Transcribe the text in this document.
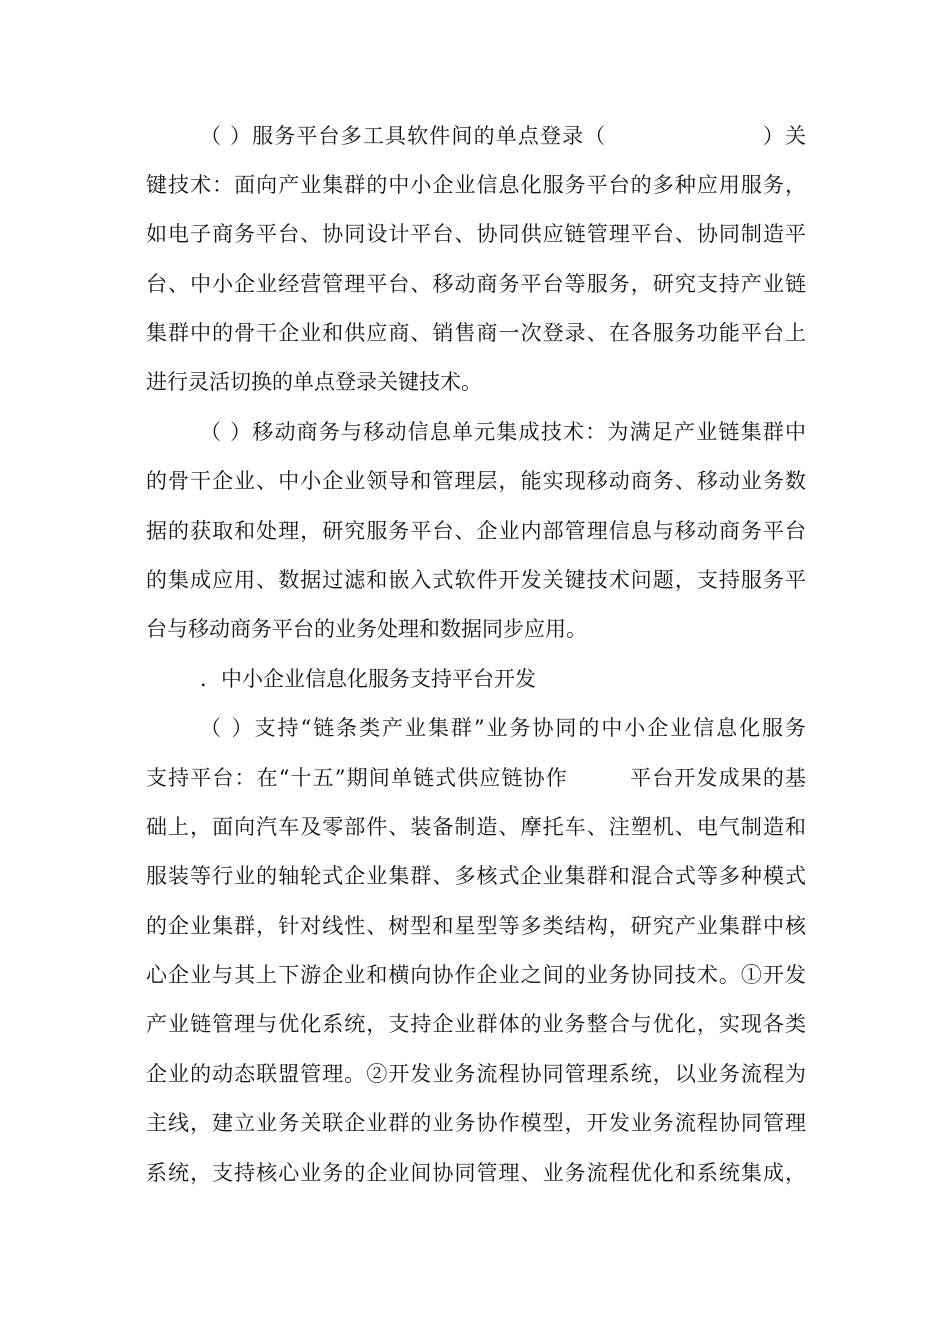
（ ）服务平台多工具软件间的单点登录（                    ）关
键技术：面向产业集群的中小企业信息化服务平台的多种应用服务，
如电子商务平台、协同设计平台、协同供应链管理平台、协同制造平
台、中小企业经营管理平台、移动商务平台等服务，研究支持产业链
集群中的骨干企业和供应商、销售商一次登录、在各服务功能平台上
进行灵活切换的单点登录关键技术。
（ ）移动商务与移动信息单元集成技术：为满足产业链集群中
的骨干企业、中小企业领导和管理层，能实现移动商务、移动业务数
据的获取和处理，研究服务平台、企业内部管理信息与移动商务平台
的集成应用、数据过滤和嵌入式软件开发关键技术问题，支持服务平
台与移动商务平台的业务处理和数据同步应用。
．中小企业信息化服务支持平台开发
（ ）支持“链条类产业集群”业务协同的中小企业信息化服务
支持平台：在“十五”期间单链式供应链协作        平台开发成果的基
础上，面向汽车及零部件、装备制造、摩托车、注塑机、电气制造和
服装等行业的轴轮式企业集群、多核式企业集群和混合式等多种模式
的企业集群，针对线性、树型和星型等多类结构，研究产业集群中核
心企业与其上下游企业和横向协作企业之间的业务协同技术。①开发
产业链管理与优化系统，支持企业群体的业务整合与优化，实现各类
企业的动态联盟管理。②开发业务流程协同管理系统，以业务流程为
主线，建立业务关联企业群的业务协作模型，开发业务流程协同管理
系统，支持核心业务的企业间协同管理、业务流程优化和系统集成，
